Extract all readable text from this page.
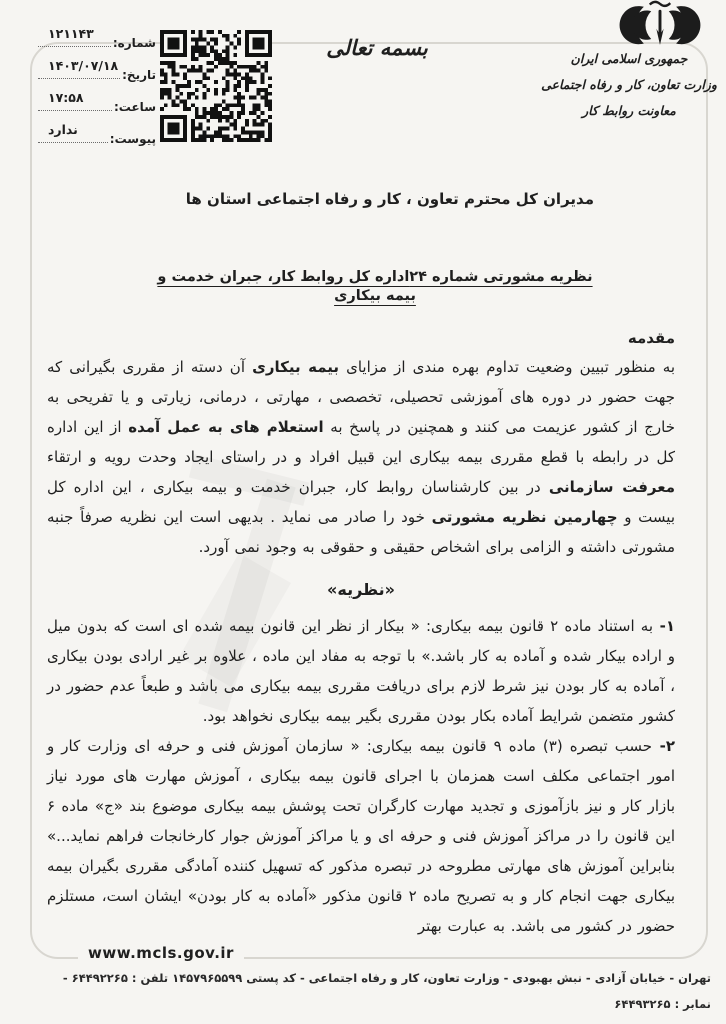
شماره:
۱۲۱۱۴۳
تاریخ:
۱۴۰۳/۰۷/۱۸
ساعت:
۱۷:۵۸
پیوست:
ندارد
بسمه تعالی	جمهوری اسلامی ایران
وزارت تعاون، کار و رفاه اجتماعی
معاونت روابط کار
مدیران کل محترم تعاون ، کار و رفاه اجتماعی استان ها
نظریه مشورتی شماره ۲۴اداره کل روابط کار، جبران خدمت و بیمه بیکاری
مقدمه

به منظور تبیین وضعیت تداوم بهره مندی از مزایای بیمه بیکاری آن دسته از مقرری بگیرانی که جهت حضور در دوره های آموزشی تحصیلی، تخصصی ، مهارتی ، درمانی، زیارتی و یا تفریحی به خارج از کشور عزیمت می کنند و همچنین در پاسخ به استعلام های به عمل آمده از این اداره کل در رابطه با قطع مقرری بیمه بیکاری این قبیل افراد و در راستای ایجاد وحدت رویه و ارتقاء معرفت سازمانی در بین کارشناسان روابط کار، جبران خدمت و بیمه بیکاری ، این اداره کل بیست و چهارمین نظریه مشورتی خود را صادر می نماید . بدیهی است این نظریه صرفاً جنبه مشورتی داشته و الزامی برای اشخاص حقیقی و حقوقی به وجود نمی آورد.

«نظریه»

۱- به استناد ماده ۲ قانون بیمه بیکاری: « بیکار از نظر این قانون بیمه شده ای است که بدون میل و اراده بیکار شده و آماده به کار باشد.» با توجه به مفاد این ماده ، علاوه بر غیر ارادی بودن بیکاری ، آماده به کار بودن نیز شرط لازم برای دریافت مقرری بیمه بیکاری می باشد و طبعاً عدم حضور در کشور متضمن شرایط آماده بکار بودن مقرری بگیر بیمه بیکاری نخواهد بود.

۲- حسب تبصره (۳) ماده ۹ قانون بیمه بیکاری: « سازمان آموزش فنی و حرفه ای وزارت کار و امور اجتماعی مکلف است همزمان با اجرای قانون بیمه بیکاری ، آموزش مهارت های مورد نیاز بازار کار و نیز بازآموزی و تجدید مهارت کارگران تحت پوشش بیمه بیکاری موضوع بند «ج» ماده ۶ این قانون را در مراکز آموزش فنی و حرفه ای و یا مراکز آموزش جوار کارخانجات فراهم نماید...» بنابراین آموزش های مهارتی مطروحه در تبصره مذکور که تسهیل کننده آمادگی مقرری بگیران بیمه بیکاری جهت انجام کار و به تصریح ماده ۲ قانون مذکور «آماده به کار بودن» ایشان است، مستلزم حضور در کشور می باشد. به عبارت بهتر

www.mcls.gov.ir
تهران - خیابان آزادی - نبش بهبودی - وزارت تعاون، کار و رفاه اجتماعی - کد پستی ۱۴۵۷۹۶۵۵۹۹ تلفن : ۶۴۴۹۲۲۶۵ -
نمابر : ۶۴۴۹۳۲۶۵
